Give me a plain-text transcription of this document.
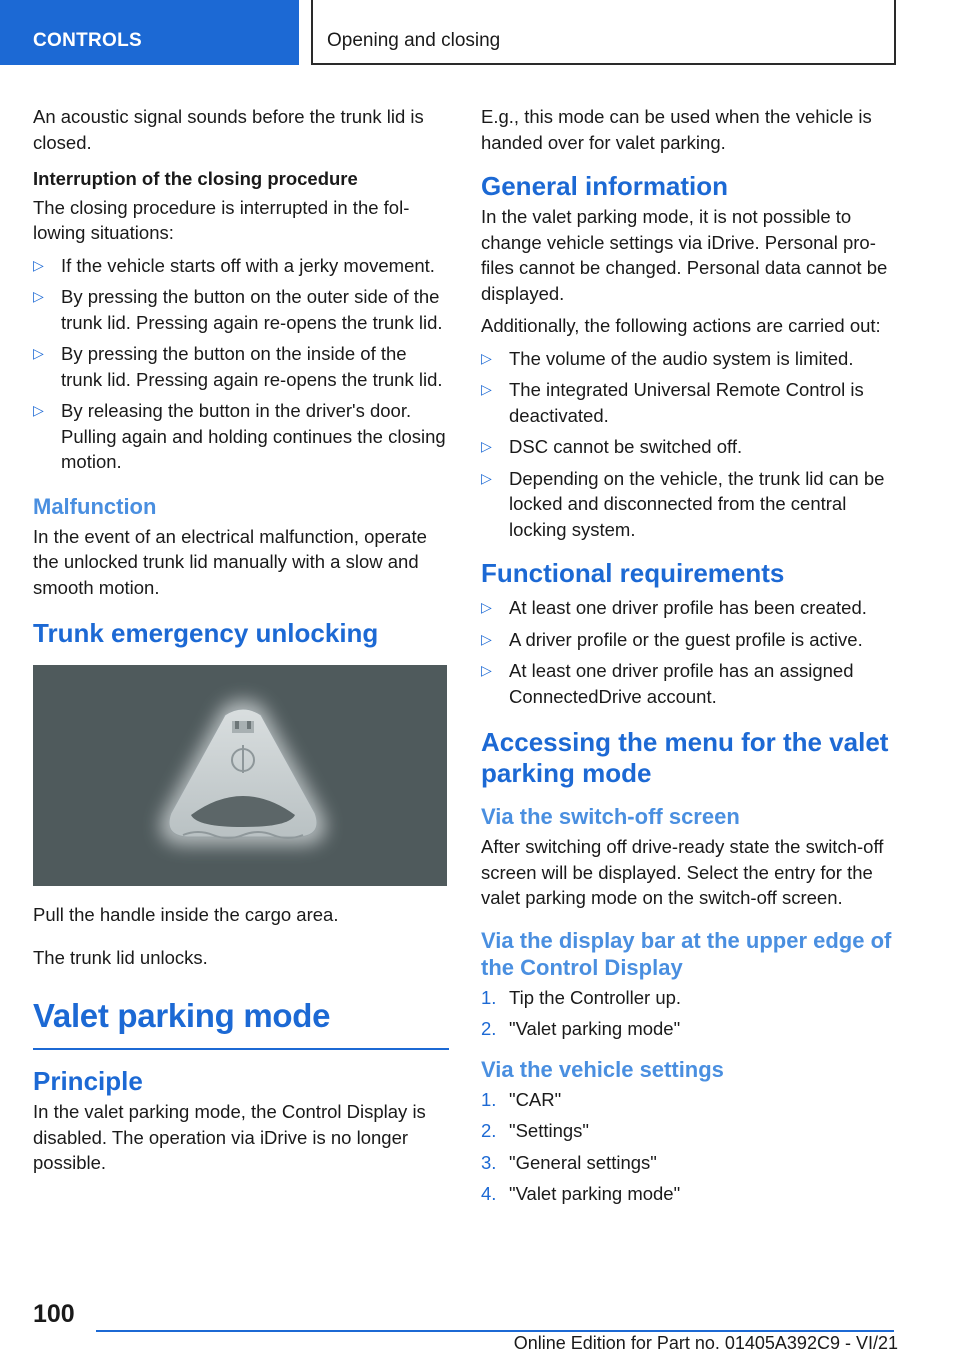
CONTROLS	Opening and closing

An acoustic signal sounds before the trunk lid is closed.

Interruption of the closing procedure

The closing procedure is interrupted in the following situations:

▷ If the vehicle starts off with a jerky movement.
▷ By pressing the button on the outer side of the trunk lid. Pressing again re-opens the trunk lid.
▷ By pressing the button on the inside of the trunk lid. Pressing again re-opens the trunk lid.
▷ By releasing the button in the driver's door. Pulling again and holding continues the closing motion.
Malfunction

In the event of an electrical malfunction, operate the unlocked trunk lid manually with a slow and smooth motion.

Trunk emergency unlocking

Pull the handle inside the cargo area.

The trunk lid unlocks.

Valet parking mode
Principle

In the valet parking mode, the Control Display is disabled. The operation via iDrive is no longer possible.

E.g., this mode can be used when the vehicle is handed over for valet parking.

General information

In the valet parking mode, it is not possible to change vehicle settings via iDrive. Personal profiles cannot be changed. Personal data cannot be displayed.

Additionally, the following actions are carried out:

▷ The volume of the audio system is limited.
▷ The integrated Universal Remote Control is deactivated.
▷ DSC cannot be switched off.
▷ Depending on the vehicle, the trunk lid can be locked and disconnected from the central locking system.
Functional requirements
▷ At least one driver profile has been created.
▷ A driver profile or the guest profile is active.
▷ At least one driver profile has an assigned ConnectedDrive account.
Accessing the menu for the valet parking mode
Via the switch-off screen

After switching off drive-ready state the switch-off screen will be displayed. Select the entry for the valet parking mode on the switch-off screen.

Via the display bar at the upper edge of the Control Display
1. Tip the Controller up.
2. "Valet parking mode"
Via the vehicle settings
1. "CAR"
2. "Settings"
3. "General settings"
4. "Valet parking mode"
100
Online Edition for Part no. 01405A392C9 - VI/21
